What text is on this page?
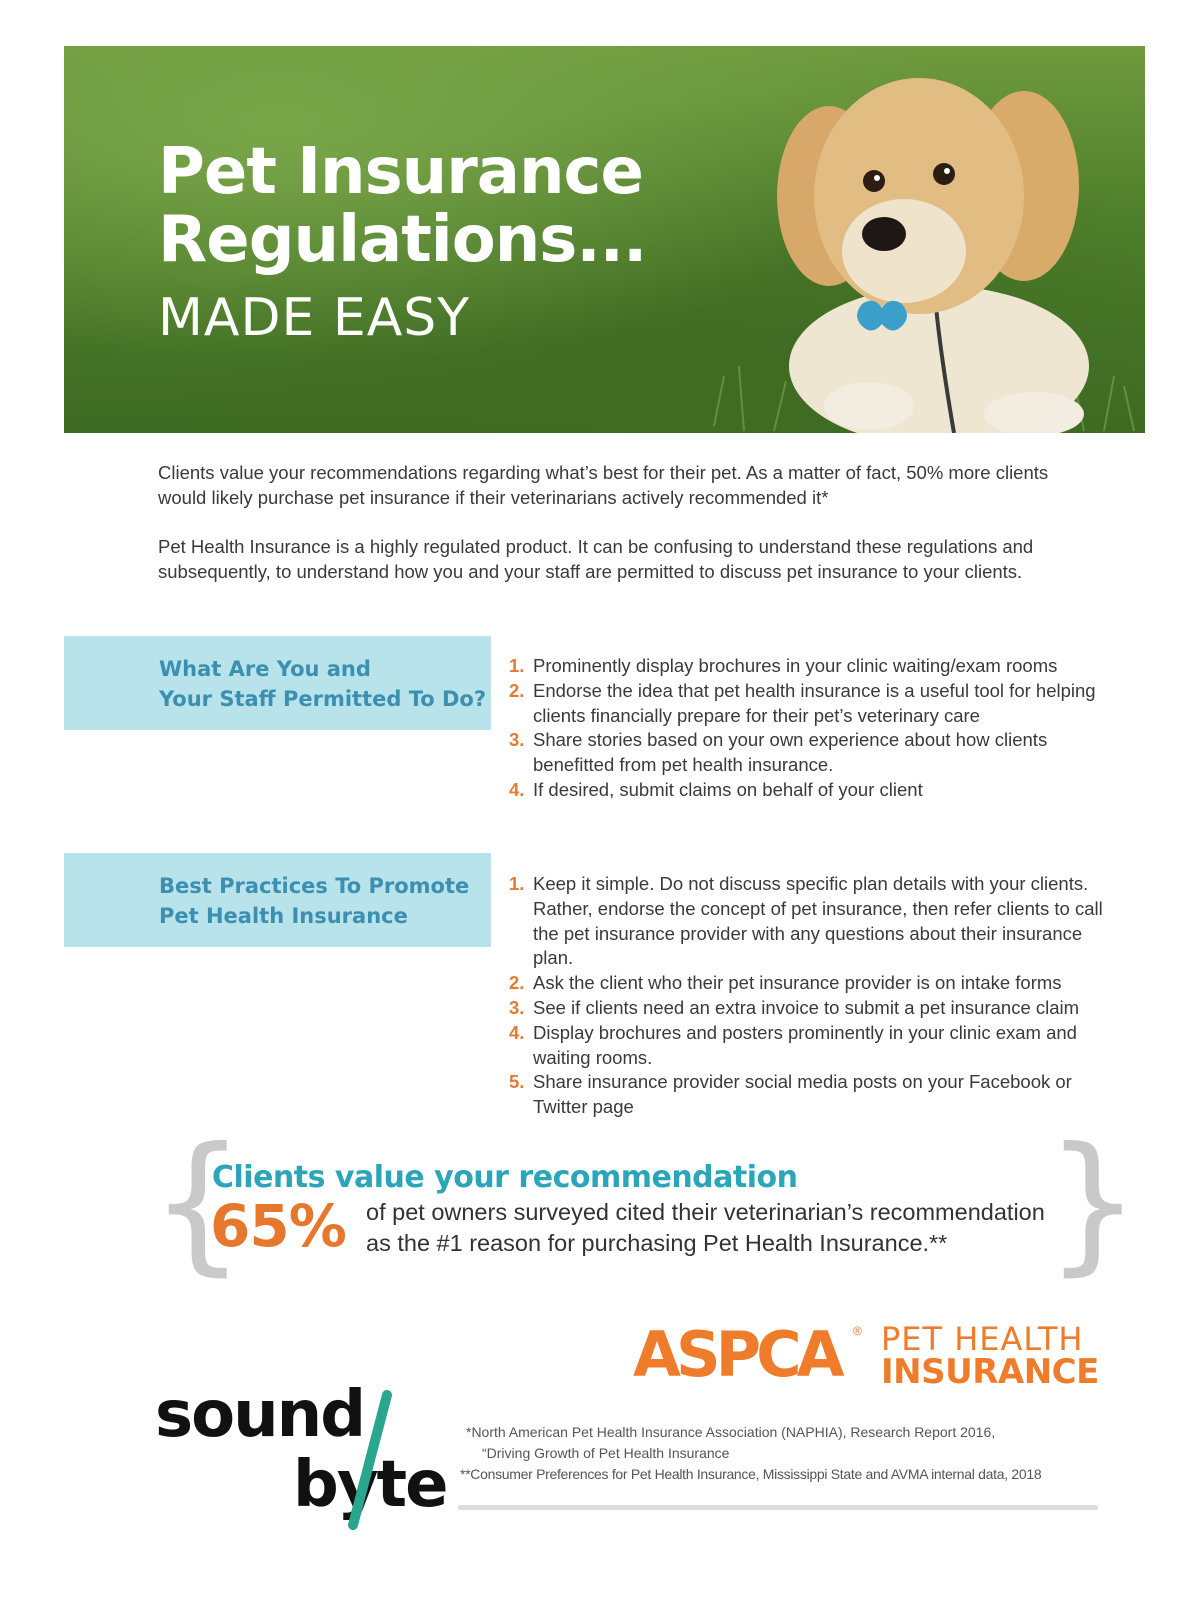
Pet Insurance
Regulations...
MADE EASY

Clients value your recommendations regarding what’s best for their pet. As a matter of fact, 50% more clients would likely purchase pet insurance if their veterinarians actively recommended it*

Pet Health Insurance is a highly regulated product. It can be confusing to understand these regulations and subsequently, to understand how you and your staff are permitted to discuss pet insurance to your clients.

What Are You and
Your Staff Permitted To Do?
1. Prominently display brochures in your clinic waiting/exam rooms
2. Endorse the idea that pet health insurance is a useful tool for helping clients financially prepare for their pet’s veterinary care
3. Share stories based on your own experience about how clients benefitted from pet health insurance.
4. If desired, submit claims on behalf of your client
Best Practices To Promote
Pet Health Insurance
1. Keep it simple. Do not discuss specific plan details with your clients. Rather, endorse the concept of pet insurance, then refer clients to call the pet insurance provider with any questions about their insurance plan.
2. Ask the client who their pet insurance provider is on intake forms
3. See if clients need an extra invoice to submit a pet insurance claim
4. Display brochures and posters prominently in your clinic exam and waiting rooms.
5. Share insurance provider social media posts on your Facebook or Twitter page
{	}
Clients value your recommendation
65% of pet owners surveyed cited their veterinarian’s recommendation as the #1 reason for purchasing Pet Health Insurance.**
ASPCA ® PET HEALTH
INSURANCE
sound
byte
*North American Pet Health Insurance Association (NAPHIA), Research Report 2016,
“Driving Growth of Pet Health Insurance
**Consumer Preferences for Pet Health Insurance, Mississippi State and AVMA internal data, 2018
